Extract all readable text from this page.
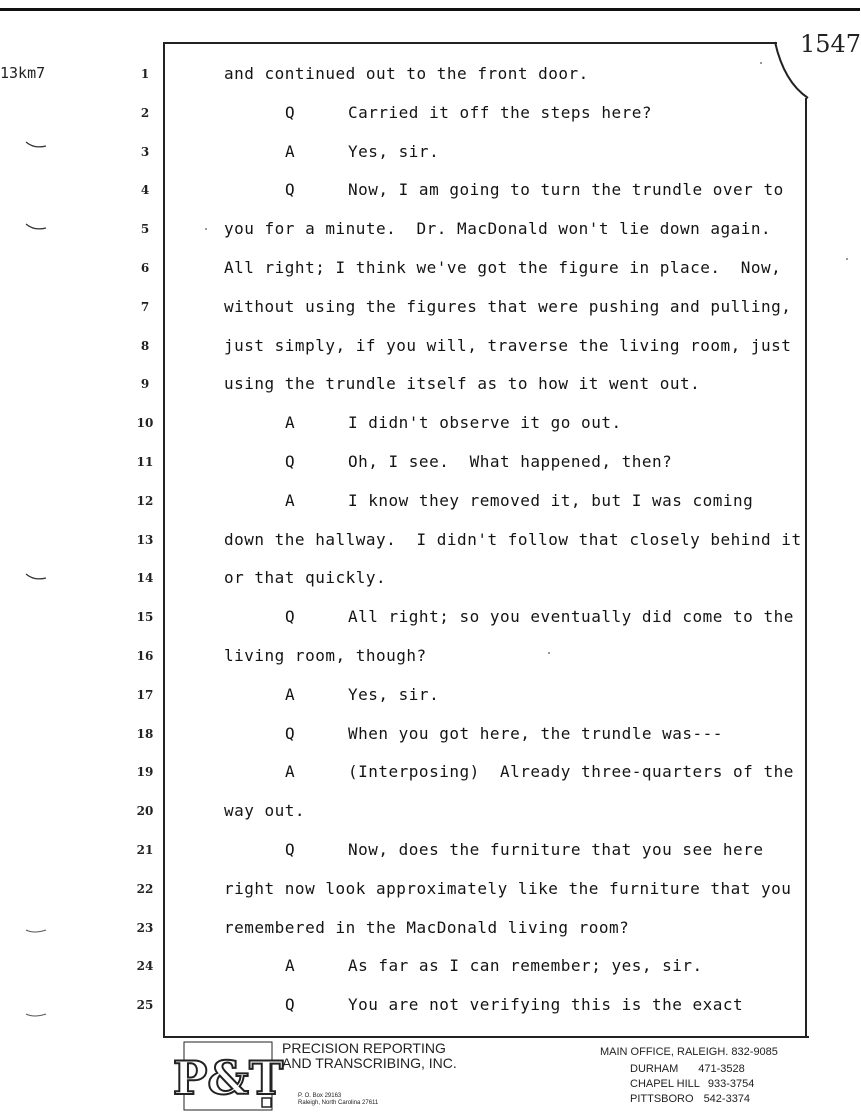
1547
13km7	1	and continued out to the front door.
2	Q	Carried it off the steps here?
3	A	Yes, sir.
4	Q	Now, I am going to turn the trundle over to
5	you for a minute.  Dr. MacDonald won't lie down again.
6	All right; I think we've got the figure in place.  Now,
7	without using the figures that were pushing and pulling,
8	just simply, if you will, traverse the living room, just
9	using the trundle itself as to how it went out.
10	A	I didn't observe it go out.
11	Q	Oh, I see.  What happened, then?
12	A	I know they removed it, but I was coming
13	down the hallway.  I didn't follow that closely behind it
14	or that quickly.
15	Q	All right; so you eventually did come to the
16	living room, though?
17	A	Yes, sir.
18	Q	When you got here, the trundle was---
19	A	(Interposing)  Already three-quarters of the
20	way out.
21	Q	Now, does the furniture that you see here
22	right now look approximately like the furniture that you
23	remembered in the MacDonald living room?
24	A	As far as I can remember; yes, sir.
25	Q	You are not verifying this is the exact
P&T
PRECISION REPORTING
AND TRANSCRIBING, INC.
P. O. Box 29163
Raleigh, North Carolina 27611
MAIN OFFICE, RALEIGH. 832-9085
DURHAM 471-3528
CHAPEL HILL 933-3754
PITTSBORO 542-3374
